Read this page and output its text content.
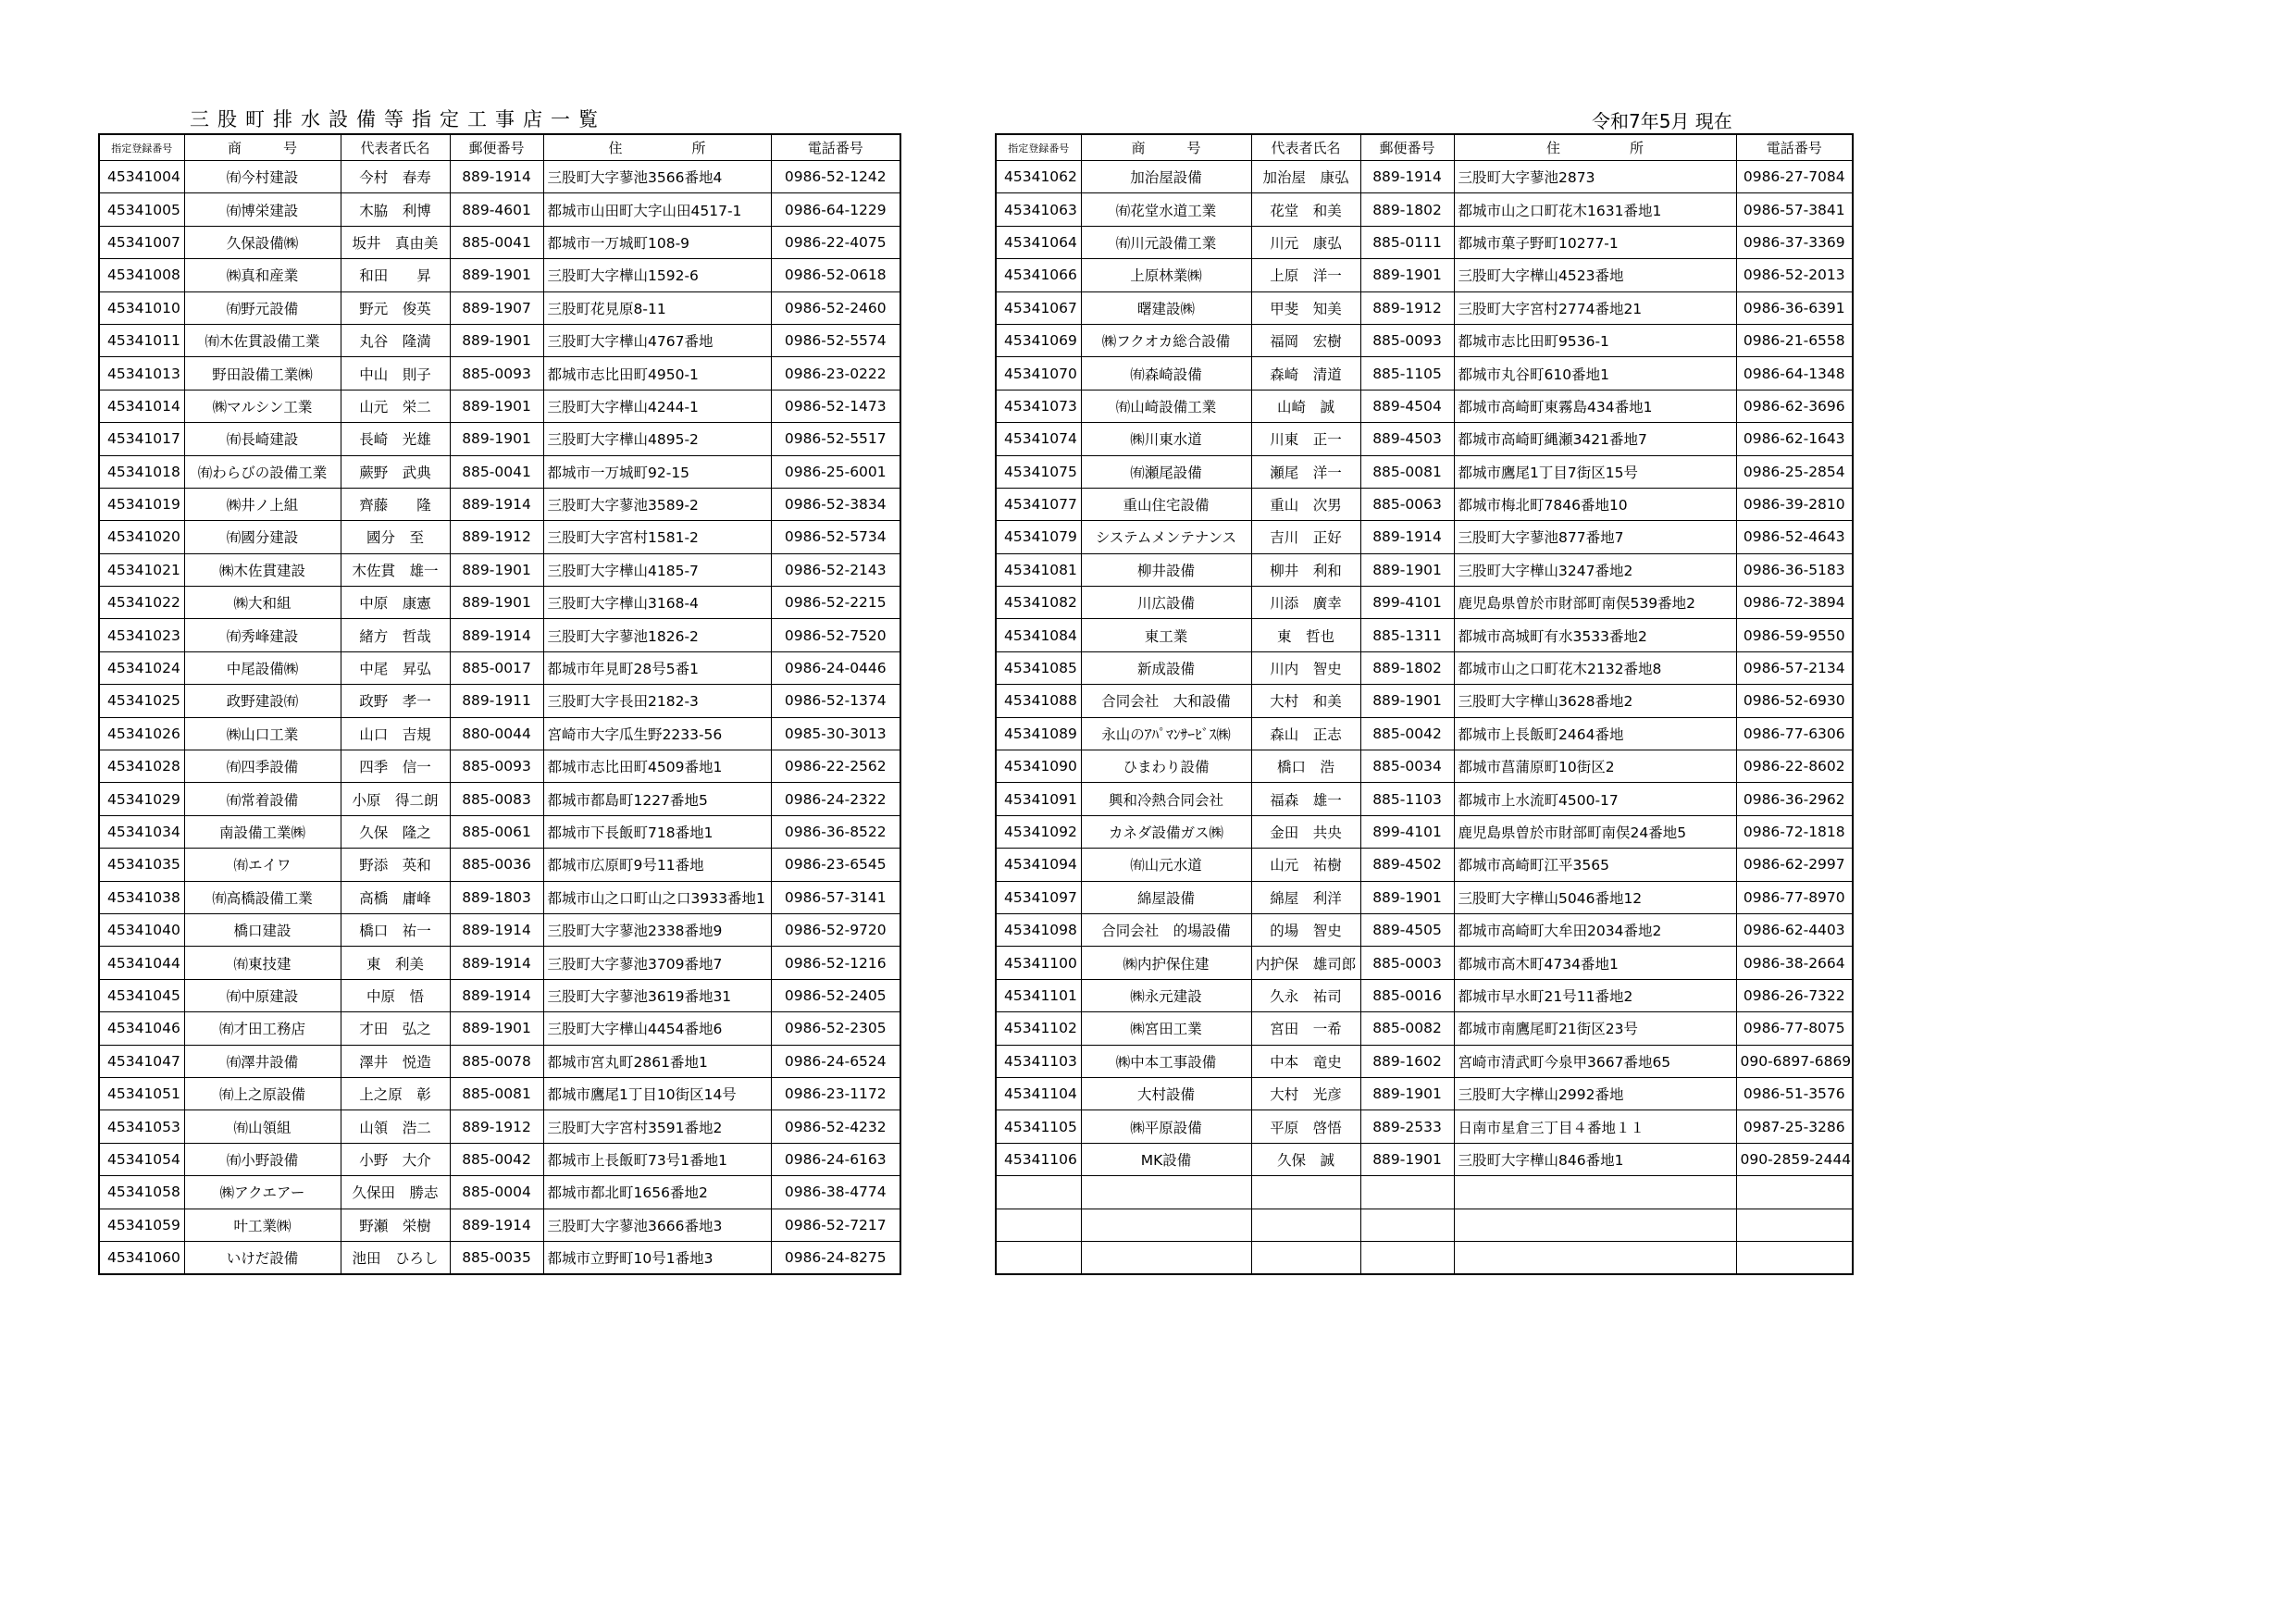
三股町排水設備等指定工事店一覧	令和7年5月 現在
指定登録番号	商　　　号	代表者氏名	郵便番号	住　　　　　所	電話番号
45341004	㈲今村建設	今村　春寿	889-1914	三股町大字蓼池3566番地4	0986-52-1242
45341005	㈲博栄建設	木脇　利博	889-4601	都城市山田町大字山田4517-1	0986-64-1229
45341007	久保設備㈱	坂井　真由美	885-0041	都城市一万城町108-9	0986-22-4075
45341008	㈱真和産業	和田　　昇	889-1901	三股町大字樺山1592-6	0986-52-0618
45341010	㈲野元設備	野元　俊英	889-1907	三股町花見原8-11	0986-52-2460
45341011	㈲木佐貫設備工業	丸谷　隆満	889-1901	三股町大字樺山4767番地	0986-52-5574
45341013	野田設備工業㈱	中山　則子	885-0093	都城市志比田町4950-1	0986-23-0222
45341014	㈱マルシン工業	山元　栄二	889-1901	三股町大字樺山4244-1	0986-52-1473
45341017	㈲長崎建設	長崎　光雄	889-1901	三股町大字樺山4895-2	0986-52-5517
45341018	㈲わらびの設備工業	蕨野　武典	885-0041	都城市一万城町92-15	0986-25-6001
45341019	㈱井ノ上組	齊藤　　隆	889-1914	三股町大字蓼池3589-2	0986-52-3834
45341020	㈲國分建設	國分　至	889-1912	三股町大字宮村1581-2	0986-52-5734
45341021	㈱木佐貫建設	木佐貫　雄一	889-1901	三股町大字樺山4185-7	0986-52-2143
45341022	㈱大和組	中原　康憲	889-1901	三股町大字樺山3168-4	0986-52-2215
45341023	㈲秀峰建設	緒方　哲哉	889-1914	三股町大字蓼池1826-2	0986-52-7520
45341024	中尾設備㈱	中尾　昇弘	885-0017	都城市年見町28号5番1	0986-24-0446
45341025	政野建設㈲	政野　孝一	889-1911	三股町大字長田2182-3	0986-52-1374
45341026	㈱山口工業	山口　吉規	880-0044	宮崎市大字瓜生野2233-56	0985-30-3013
45341028	㈲四季設備	四季　信一	885-0093	都城市志比田町4509番地1	0986-22-2562
45341029	㈲常着設備	小原　得二朗	885-0083	都城市都島町1227番地5	0986-24-2322
45341034	南設備工業㈱	久保　隆之	885-0061	都城市下長飯町718番地1	0986-36-8522
45341035	㈲エイワ	野添　英和	885-0036	都城市広原町9号11番地	0986-23-6545
45341038	㈲高橋設備工業	高橋　庸峰	889-1803	都城市山之口町山之口3933番地1	0986-57-3141
45341040	橋口建設	橋口　祐一	889-1914	三股町大字蓼池2338番地9	0986-52-9720
45341044	㈲東技建	東　利美	889-1914	三股町大字蓼池3709番地7	0986-52-1216
45341045	㈲中原建設	中原　悟	889-1914	三股町大字蓼池3619番地31	0986-52-2405
45341046	㈲才田工務店	才田　弘之	889-1901	三股町大字樺山4454番地6	0986-52-2305
45341047	㈲澤井設備	澤井　悦造	885-0078	都城市宮丸町2861番地1	0986-24-6524
45341051	㈲上之原設備	上之原　彰	885-0081	都城市鷹尾1丁目10街区14号	0986-23-1172
45341053	㈲山領組	山領　浩二	889-1912	三股町大字宮村3591番地2	0986-52-4232
45341054	㈲小野設備	小野　大介	885-0042	都城市上長飯町73号1番地1	0986-24-6163
45341058	㈱アクエアー	久保田　勝志	885-0004	都城市都北町1656番地2	0986-38-4774
45341059	叶工業㈱	野瀬　栄樹	889-1914	三股町大字蓼池3666番地3	0986-52-7217
45341060	いけだ設備	池田　ひろし	885-0035	都城市立野町10号1番地3	0986-24-8275
指定登録番号	商　　　号	代表者氏名	郵便番号	住　　　　　所	電話番号
45341062	加治屋設備	加治屋　康弘	889-1914	三股町大字蓼池2873	0986-27-7084
45341063	㈲花堂水道工業	花堂　和美	889-1802	都城市山之口町花木1631番地1	0986-57-3841
45341064	㈲川元設備工業	川元　康弘	885-0111	都城市菓子野町10277-1	0986-37-3369
45341066	上原林業㈱	上原　洋一	889-1901	三股町大字樺山4523番地	0986-52-2013
45341067	曙建設㈱	甲斐　知美	889-1912	三股町大字宮村2774番地21	0986-36-6391
45341069	㈱フクオカ総合設備	福岡　宏樹	885-0093	都城市志比田町9536-1	0986-21-6558
45341070	㈲森崎設備	森崎　清道	885-1105	都城市丸谷町610番地1	0986-64-1348
45341073	㈲山崎設備工業	山崎　誠	889-4504	都城市高崎町東霧島434番地1	0986-62-3696
45341074	㈱川東水道	川東　正一	889-4503	都城市高崎町縄瀬3421番地7	0986-62-1643
45341075	㈲瀬尾設備	瀬尾　洋一	885-0081	都城市鷹尾1丁目7街区15号	0986-25-2854
45341077	重山住宅設備	重山　次男	885-0063	都城市梅北町7846番地10	0986-39-2810
45341079	システムメンテナンス	吉川　正好	889-1914	三股町大字蓼池877番地7	0986-52-4643
45341081	柳井設備	柳井　利和	889-1901	三股町大字樺山3247番地2	0986-36-5183
45341082	川広設備	川添　廣幸	899-4101	鹿児島県曽於市財部町南俣539番地2	0986-72-3894
45341084	東工業	東　哲也	885-1311	都城市高城町有水3533番地2	0986-59-9550
45341085	新成設備	川内　智史	889-1802	都城市山之口町花木2132番地8	0986-57-2134
45341088	合同会社　大和設備	大村　和美	889-1901	三股町大字樺山3628番地2	0986-52-6930
45341089	永山のｱﾊﾟﾏﾝｻｰﾋﾞｽ㈱	森山　正志	885-0042	都城市上長飯町2464番地	0986-77-6306
45341090	ひまわり設備	橋口　浩	885-0034	都城市菖蒲原町10街区2	0986-22-8602
45341091	興和冷熱合同会社	福森　雄一	885-1103	都城市上水流町4500-17	0986-36-2962
45341092	カネダ設備ガス㈱	金田　共央	899-4101	鹿児島県曽於市財部町南俣24番地5	0986-72-1818
45341094	㈲山元水道	山元　祐樹	889-4502	都城市高崎町江平3565	0986-62-2997
45341097	綿屋設備	綿屋　利洋	889-1901	三股町大字樺山5046番地12	0986-77-8970
45341098	合同会社　的場設備	的場　智史	889-4505	都城市高崎町大牟田2034番地2	0986-62-4403
45341100	㈱内护保住建	内护保　雄司郎	885-0003	都城市高木町4734番地1	0986-38-2664
45341101	㈱永元建設	久永　祐司	885-0016	都城市早水町21号11番地2	0986-26-7322
45341102	㈱宮田工業	宮田　一希	885-0082	都城市南鷹尾町21街区23号	0986-77-8075
45341103	㈱中本工事設備	中本　竜史	889-1602	宮崎市清武町今泉甲3667番地65	090-6897-6869
45341104	大村設備	大村　光彦	889-1901	三股町大字樺山2992番地	0986-51-3576
45341105	㈱平原設備	平原　啓悟	889-2533	日南市星倉三丁目４番地１１	0987-25-3286
45341106	MK設備	久保　誠	889-1901	三股町大字樺山846番地1	090-2859-2444
